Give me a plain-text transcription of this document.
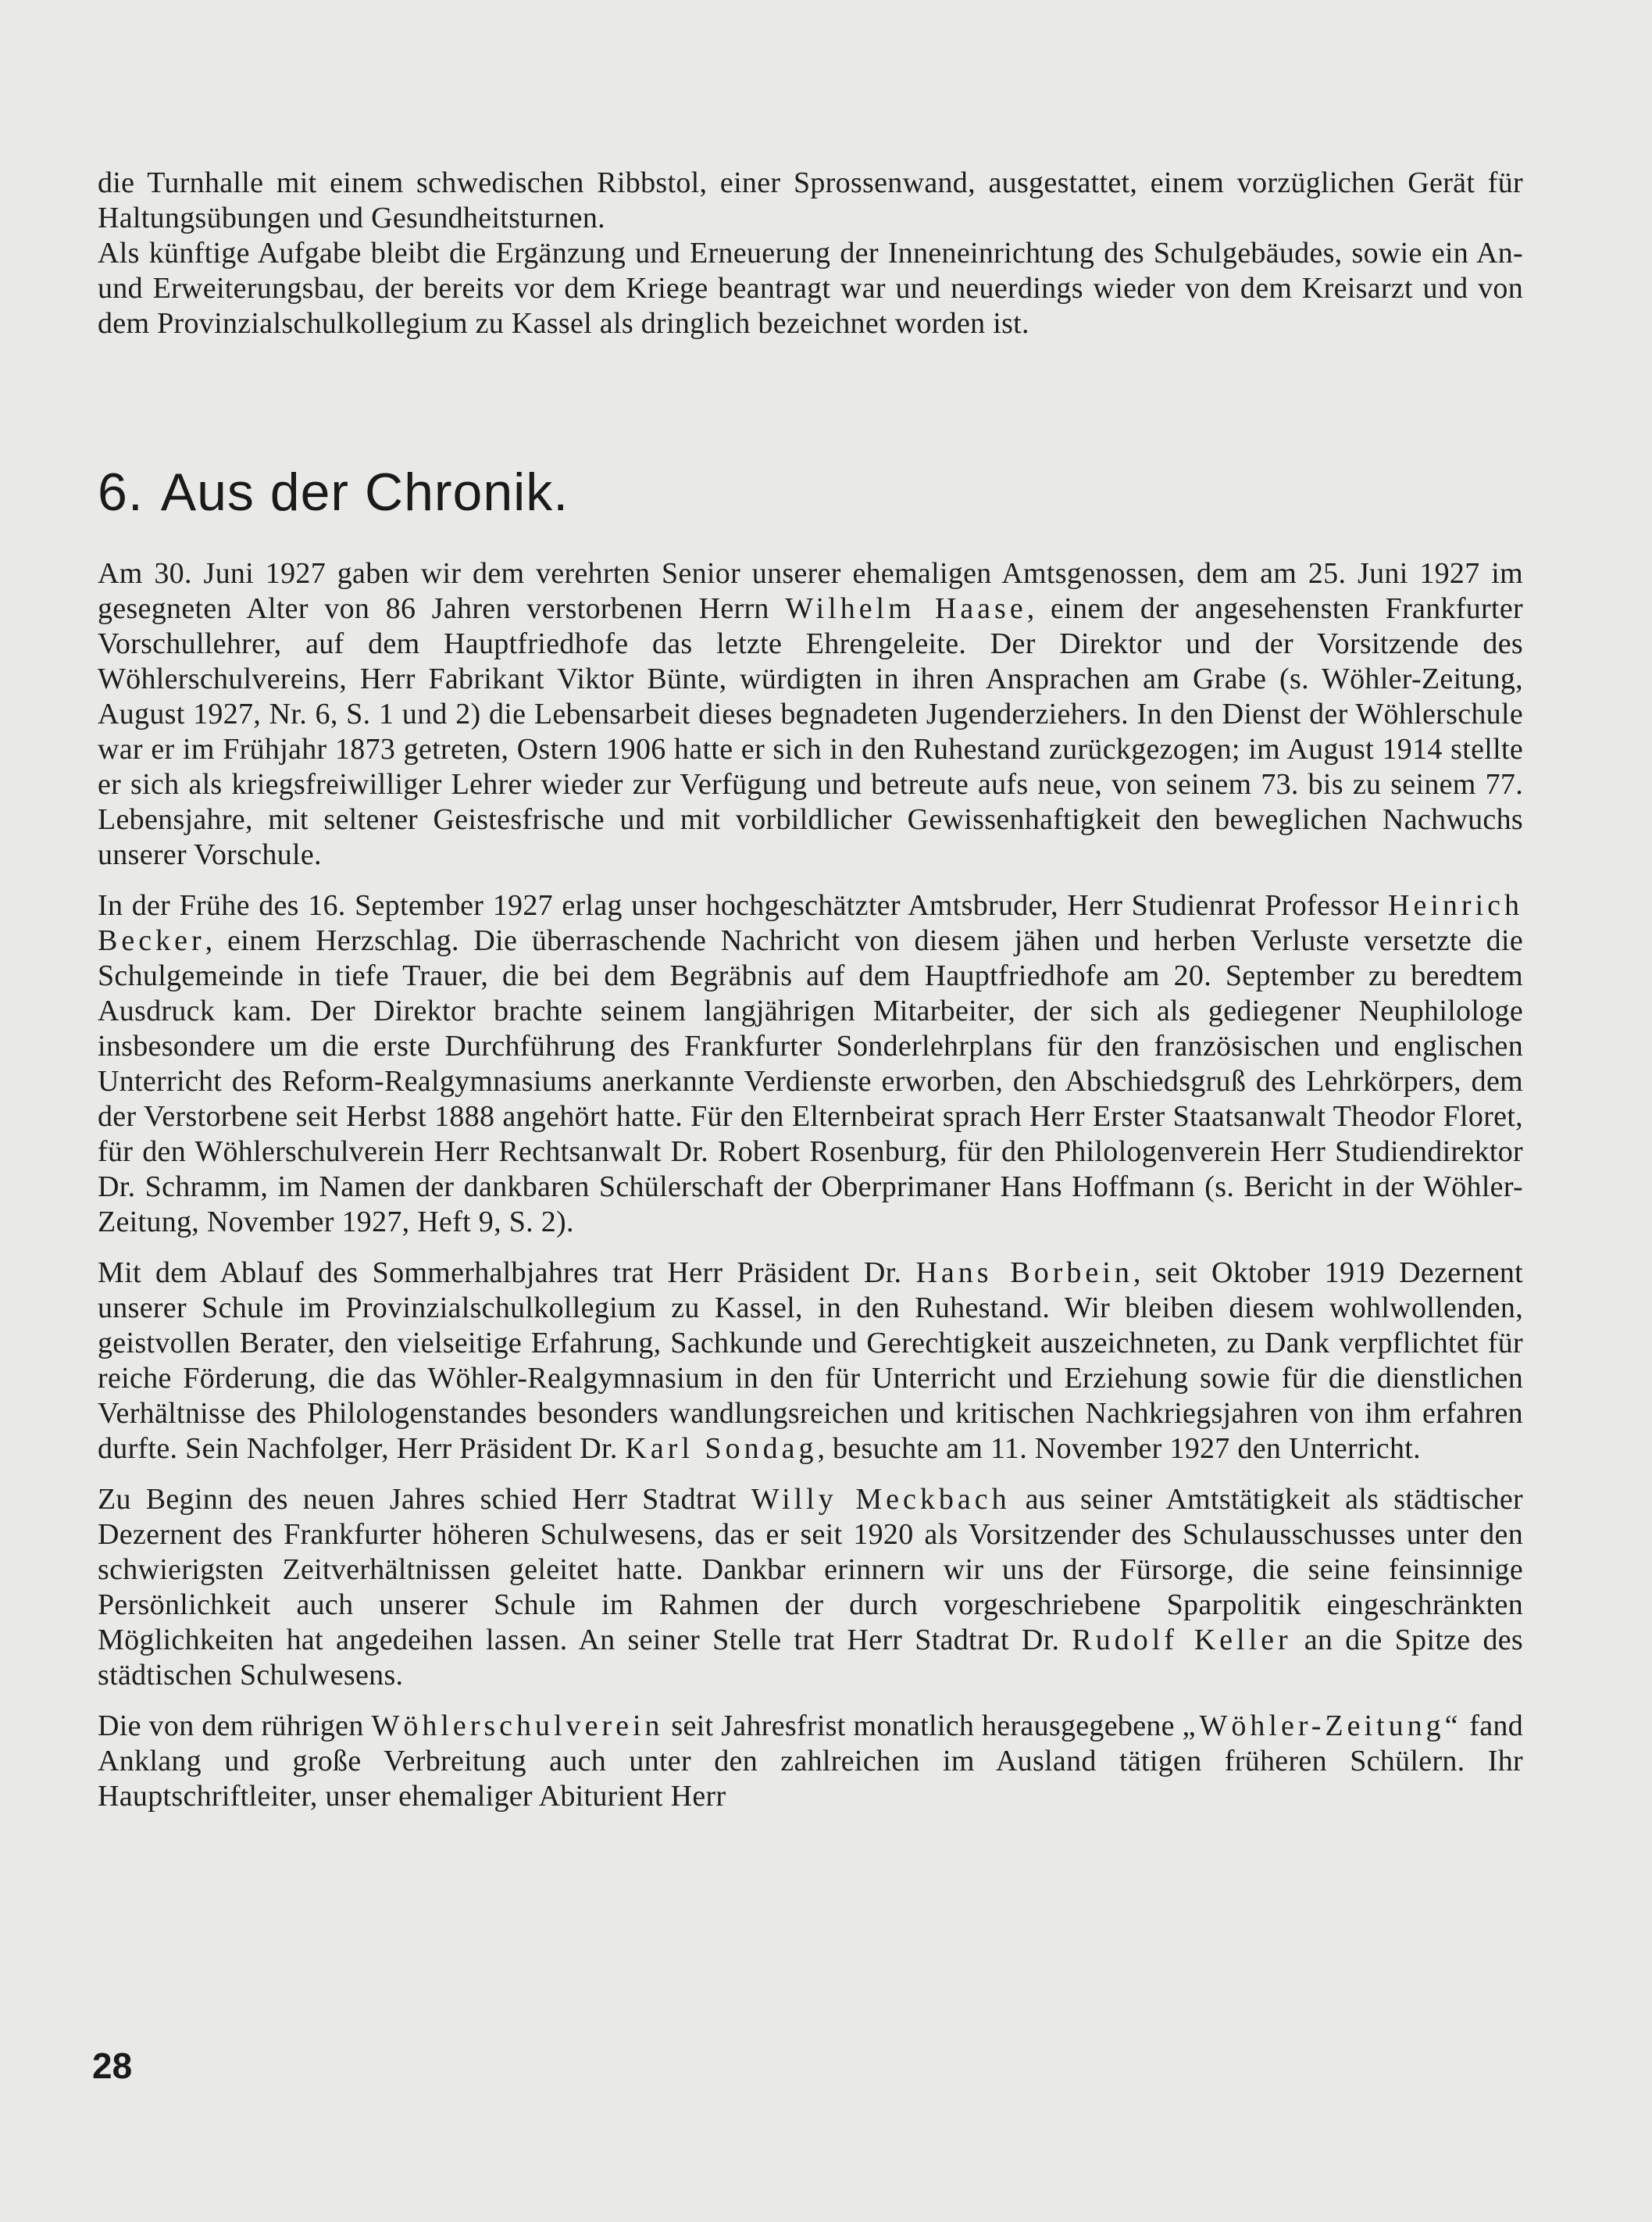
die Turnhalle mit einem schwedischen Ribbstol, einer Sprossenwand, ausgestattet, einem vorzüglichen Gerät für Haltungsübungen und Gesundheitsturnen.

Als künftige Aufgabe bleibt die Ergänzung und Erneuerung der Inneneinrichtung des Schulgebäudes, sowie ein An- und Erweiterungsbau, der bereits vor dem Kriege beantragt war und neuerdings wieder von dem Kreisarzt und von dem Provinzialschulkollegium zu Kassel als dringlich bezeichnet worden ist.

6. Aus der Chronik.

Am 30. Juni 1927 gaben wir dem verehrten Senior unserer ehemaligen Amtsgenossen, dem am 25. Juni 1927 im gesegneten Alter von 86 Jahren verstorbenen Herrn Wilhelm Haase, einem der angesehensten Frankfurter Vorschullehrer, auf dem Hauptfriedhofe das letzte Ehrengeleite. Der Direktor und der Vorsitzende des Wöhlerschulvereins, Herr Fabrikant Viktor Bünte, würdigten in ihren Ansprachen am Grabe (s. Wöhler-Zeitung, August 1927, Nr. 6, S. 1 und 2) die Lebensarbeit dieses begnadeten Jugenderziehers. In den Dienst der Wöhlerschule war er im Frühjahr 1873 getreten, Ostern 1906 hatte er sich in den Ruhestand zurückgezogen; im August 1914 stellte er sich als kriegsfreiwilliger Lehrer wieder zur Verfügung und betreute aufs neue, von seinem 73. bis zu seinem 77. Lebensjahre, mit seltener Geistesfrische und mit vorbildlicher Gewissenhaftigkeit den beweglichen Nachwuchs unserer Vorschule.

In der Frühe des 16. September 1927 erlag unser hochgeschätzter Amtsbruder, Herr Studienrat Professor Heinrich Becker, einem Herzschlag. Die überraschende Nachricht von diesem jähen und herben Verluste versetzte die Schulgemeinde in tiefe Trauer, die bei dem Begräbnis auf dem Hauptfriedhofe am 20. September zu beredtem Ausdruck kam. Der Direktor brachte seinem langjährigen Mitarbeiter, der sich als gediegener Neuphilologe insbesondere um die erste Durchführung des Frankfurter Sonderlehrplans für den französischen und englischen Unterricht des Reform-Realgymnasiums anerkannte Verdienste erworben, den Abschiedsgruß des Lehrkörpers, dem der Verstorbene seit Herbst 1888 angehört hatte. Für den Elternbeirat sprach Herr Erster Staatsanwalt Theodor Floret, für den Wöhlerschulverein Herr Rechtsanwalt Dr. Robert Rosenburg, für den Philologenverein Herr Studiendirektor Dr. Schramm, im Namen der dankbaren Schülerschaft der Oberprimaner Hans Hoffmann (s. Bericht in der Wöhler-Zeitung, November 1927, Heft 9, S. 2).

Mit dem Ablauf des Sommerhalbjahres trat Herr Präsident Dr. Hans Borbein, seit Oktober 1919 Dezernent unserer Schule im Provinzialschulkollegium zu Kassel, in den Ruhestand. Wir bleiben diesem wohlwollenden, geistvollen Berater, den vielseitige Erfahrung, Sachkunde und Gerechtigkeit auszeichneten, zu Dank verpflichtet für reiche Förderung, die das Wöhler-Realgymnasium in den für Unterricht und Erziehung sowie für die dienstlichen Verhältnisse des Philologenstandes besonders wandlungsreichen und kritischen Nachkriegsjahren von ihm erfahren durfte. Sein Nachfolger, Herr Präsident Dr. Karl Sondag, besuchte am 11. November 1927 den Unterricht.

Zu Beginn des neuen Jahres schied Herr Stadtrat Willy Meckbach aus seiner Amtstätigkeit als städtischer Dezernent des Frankfurter höheren Schulwesens, das er seit 1920 als Vorsitzender des Schulausschusses unter den schwierigsten Zeitverhältnissen geleitet hatte. Dankbar erinnern wir uns der Fürsorge, die seine feinsinnige Persönlichkeit auch unserer Schule im Rahmen der durch vorgeschriebene Sparpolitik eingeschränkten Möglichkeiten hat angedeihen lassen. An seiner Stelle trat Herr Stadtrat Dr. Rudolf Keller an die Spitze des städtischen Schulwesens.

Die von dem rührigen Wöhlerschulverein seit Jahresfrist monatlich herausgegebene „Wöhler-Zeitung“ fand Anklang und große Verbreitung auch unter den zahlreichen im Ausland tätigen früheren Schülern. Ihr Hauptschriftleiter, unser ehemaliger Abiturient Herr

28
